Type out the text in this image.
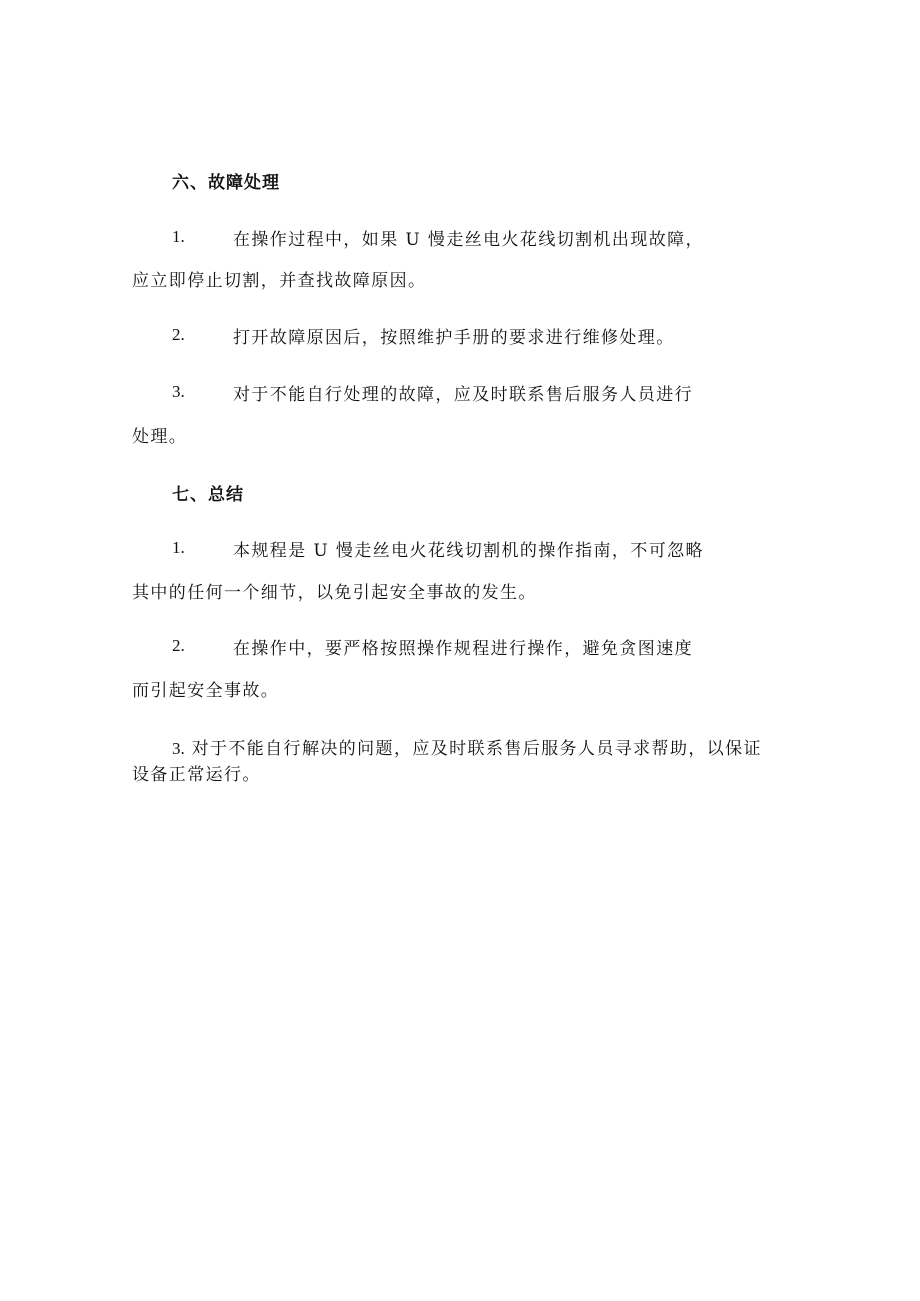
六、故障处理
1.	在操作过程中，如果 U 慢走丝电火花线切割机出现故障，
应立即停止切割，并查找故障原因。
2.	打开故障原因后，按照维护手册的要求进行维修处理。
3.	对于不能自行处理的故障，应及时联系售后服务人员进行
处理。
七、总结
1.	本规程是 U 慢走丝电火花线切割机的操作指南，不可忽略
其中的任何一个细节，以免引起安全事故的发生。
2.	在操作中，要严格按照操作规程进行操作，避免贪图速度
而引起安全事故。
3. 对于不能自行解决的问题，应及时联系售后服务人员寻求帮助，以保证
设备正常运行。
